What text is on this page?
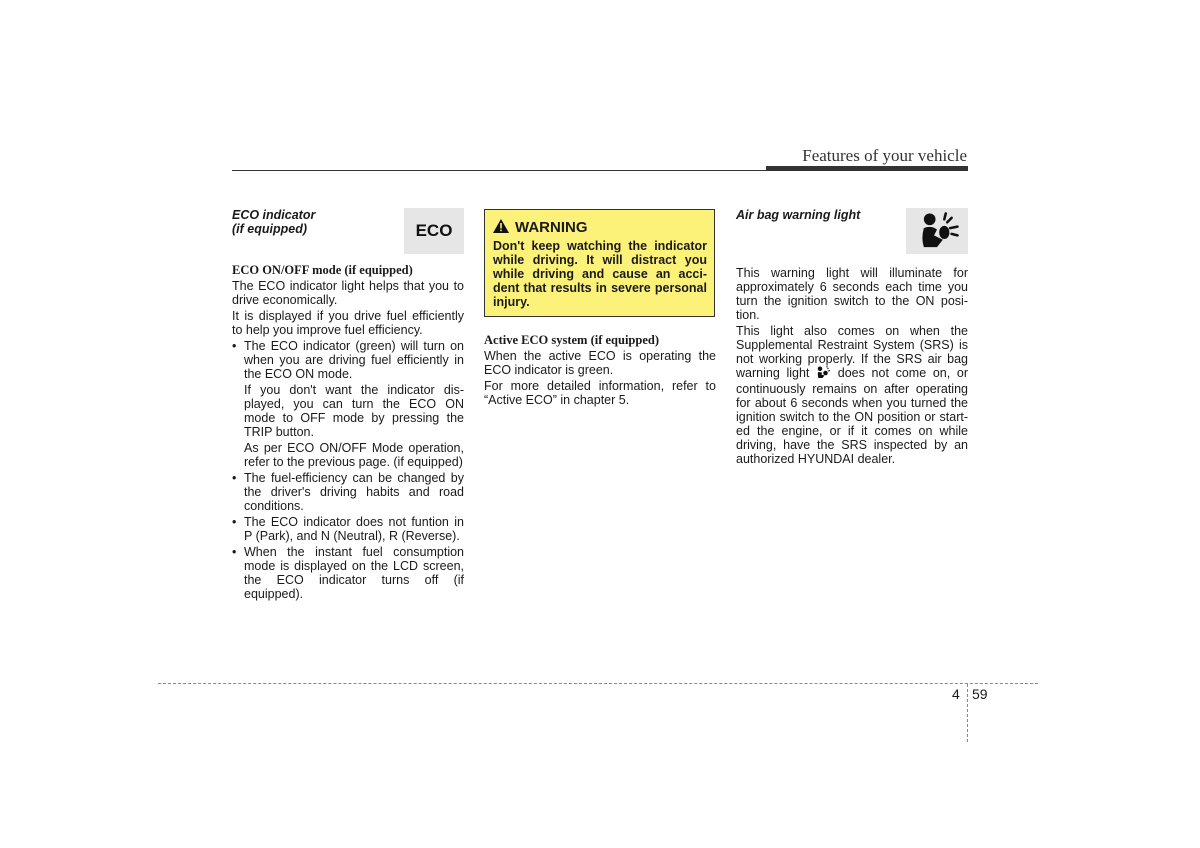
Features of your vehicle
ECO indicator
(if equipped)
ECO ON/OFF mode (if equipped)

The ECO indicator light helps that you to drive economically.

It is displayed if you drive fuel efficiently to help you improve fuel efficiency.

• The ECO indicator (green) will turn on when you are driving fuel efficiently in the ECO ON mode.

If you don't want the indicator dis-played, you can turn the ECO ON mode to OFF mode by pressing the TRIP button.

As per ECO ON/OFF Mode operation, refer to the previous page. (if equipped)

• The fuel-efficiency can be changed by the driver's driving habits and road conditions.
• The ECO indicator does not funtion in P (Park), and N (Neutral), R (Reverse).
• When the instant fuel consumption mode is displayed on the LCD screen, the ECO indicator turns off (if equipped).
ECO	WARNING
Don't keep watching the indicator while driving. It will distract you while driving and cause an acci-dent that results in severe personal injury.
Active ECO system (if equipped)

When the active ECO is operating the ECO indicator is green.

For more detailed information, refer to “Active ECO” in chapter 5.

Air bag warning light

This warning light will illuminate for approximately 6 seconds each time you turn the ignition switch to the ON posi-tion.

This light also comes on when the Supplemental Restraint System (SRS) is not working properly. If the SRS air bag warning light does not come on, or continuously remains on after operating for about 6 seconds when you turned the ignition switch to the ON position or start-ed the engine, or if it comes on while driving, have the SRS inspected by an authorized HYUNDAI dealer.

4 59
